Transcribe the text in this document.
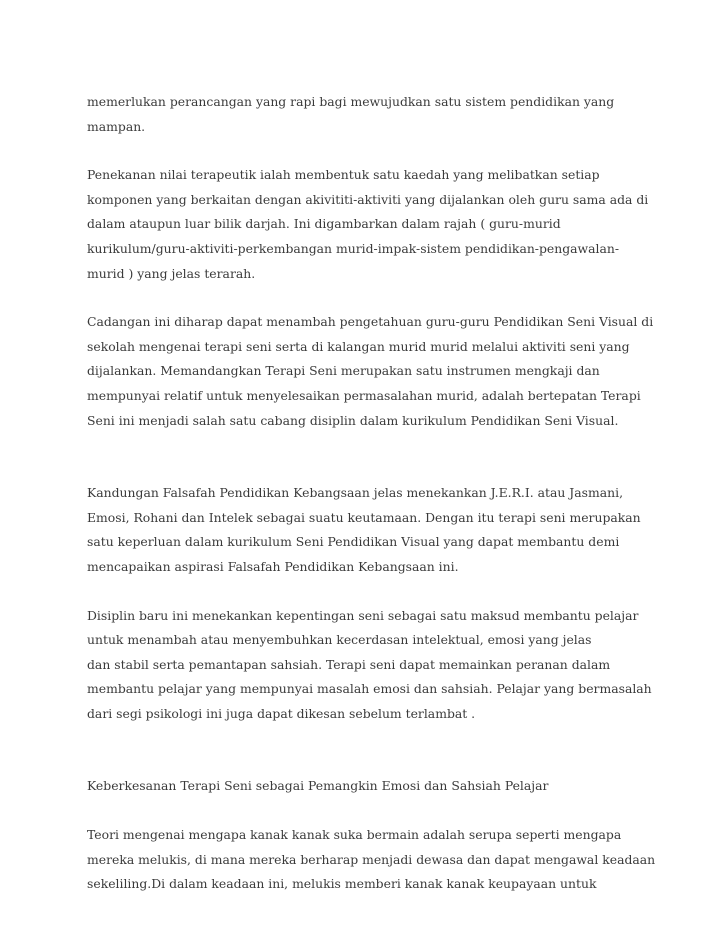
memerlukan perancangan yang rapi bagi mewujudkan satu sistem pendidikan yang
mampan.

Penekanan nilai terapeutik ialah membentuk satu kaedah yang melibatkan setiap
komponen yang berkaitan dengan akivititi-aktiviti yang dijalankan oleh guru sama ada di
dalam ataupun luar bilik darjah. Ini digambarkan dalam rajah ( guru-murid
kurikulum/guru-aktiviti-perkembangan murid-impak-sistem pendidikan-pengawalan-
murid ) yang jelas terarah.

Cadangan ini diharap dapat menambah pengetahuan guru-guru Pendidikan Seni Visual di
sekolah mengenai terapi seni serta di kalangan murid murid melalui aktiviti seni yang
dijalankan. Memandangkan Terapi Seni merupakan satu instrumen mengkaji dan
mempunyai relatif untuk menyelesaikan permasalahan murid, adalah bertepatan Terapi
Seni ini menjadi salah satu cabang disiplin dalam kurikulum Pendidikan Seni Visual.

Kandungan Falsafah Pendidikan Kebangsaan jelas menekankan J.E.R.I. atau Jasmani,
Emosi, Rohani dan Intelek sebagai suatu keutamaan. Dengan itu terapi seni merupakan
satu keperluan dalam kurikulum Seni Pendidikan Visual yang dapat membantu demi
mencapaikan aspirasi Falsafah Pendidikan Kebangsaan ini.

Disiplin baru ini menekankan kepentingan seni sebagai satu maksud membantu pelajar
untuk menambah atau menyembuhkan kecerdasan intelektual, emosi yang jelas
dan stabil serta pemantapan sahsiah. Terapi seni dapat memainkan peranan dalam
membantu pelajar yang mempunyai masalah emosi dan sahsiah. Pelajar yang bermasalah
dari segi psikologi ini juga dapat dikesan sebelum terlambat .

Keberkesanan Terapi Seni sebagai Pemangkin Emosi dan Sahsiah Pelajar

Teori mengenai mengapa kanak kanak suka bermain adalah serupa seperti mengapa
mereka melukis, di mana mereka berharap menjadi dewasa dan dapat mengawal keadaan
sekeliling.Di dalam keadaan ini, melukis memberi kanak kanak keupayaan untuk
